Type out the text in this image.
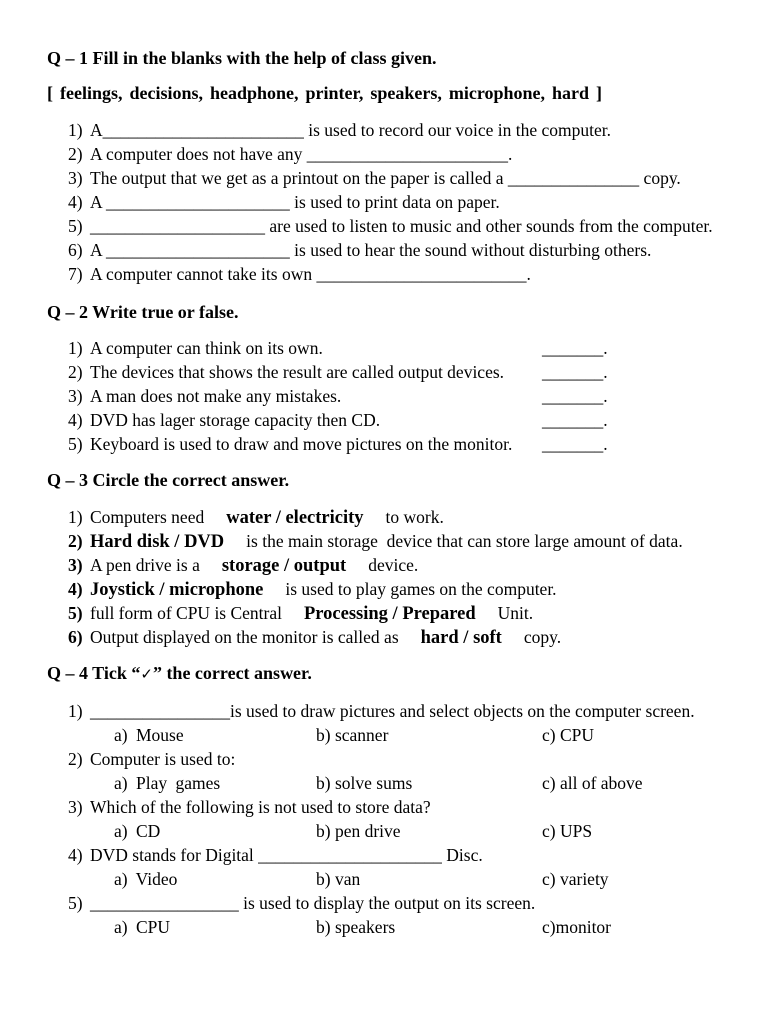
Q – 1 Fill in the blanks with the help of class given.
[ feelings, decisions, headphone, printer, speakers, microphone, hard ]
1) A_______________________ is used to record our voice in the computer.
2) A computer does not have any _______________________.
3) The output that we get as a printout on the paper is called a _______________ copy.
4) A _____________________ is used to print data on paper.
5) ____________________ are used to listen to music and other sounds from the computer.
6) A _____________________ is used to hear the sound without disturbing others.
7) A computer cannot take its own ________________________.
Q – 2 Write true or false.
1) A computer can think on its own.	_______.
2) The devices that shows the result are called output devices. _______.
3) A man does not make any mistakes.	_______.
4) DVD has lager storage capacity then CD.	_______.
5) Keyboard is used to draw and move pictures on the monitor. _______.
Q – 3 Circle the correct answer.
1) Computers need water / electricity to work.
2) Hard disk / DVD is the main storage  device that can store large amount of data.
3) A pen drive is a storage / output device.
4) Joystick / microphone is used to play games on the computer.
5) full form of CPU is Central Processing / Prepared Unit.
6) Output displayed on the monitor is called as hard / soft copy.
Q – 4 Tick “✓” the correct answer.
1) ________________is used to draw pictures and select objects on the computer screen.
a) Mouse	b) scanner	c) CPU
2) Computer is used to:
a) Play games	b) solve sums	c) all of above
3) Which of the following is not used to store data?
a) CD	b) pen drive	c) UPS
4) DVD stands for Digital _____________________ Disc.
a) Video	b) van	c) variety
5) _________________ is used to display the output on its screen.
a) CPU	b) speakers	c)monitor
